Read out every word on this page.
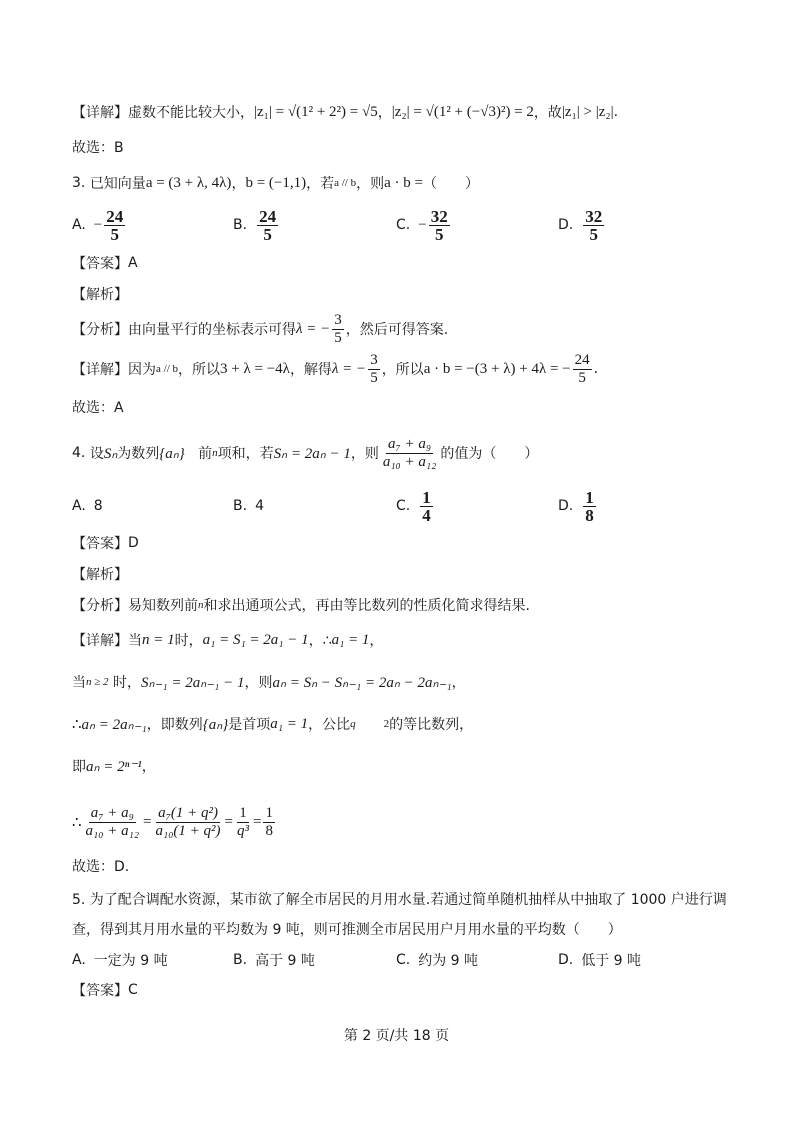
【详解】 虚数不能比较大小， |z₁| = √(1² + 2²) = √5 ， |z₂| = √(1² + (−√3)²) = 2 ，故 |z₁| > |z₂| .
故选：B
3.
已知向量 a = (3 + λ, 4λ) ， b = (−1,1) ，若 a // b ，则 a · b = （　　）
A. − $\frac{24}{5}$	B. $\frac{24}{5}$	C. − $\frac{32}{5}$	D. $\frac{32}{5}$
【答案】 A
【解析】
【分析】 由向量平行的坐标表示可得 λ = − $\frac{3}{5}$ ，然后可得答案.
【详解】 因为 a // b ，所以 3 + λ = −4λ ，解得 λ = − $\frac{3}{5}$ ，所以 a · b = −(3 + λ) + 4λ = − $\frac{24}{5}$ .
故选：A
4.
设 Sₙ 为数列 {aₙ}
前 n 项和，若 Sₙ = 2aₙ − 1 ，则 $\frac{\text{a₇ + a₉}}{\text{a₁₀ + a₁₂}}$ 的值为（　　）
A. 8	B. 4	C. $\frac{1}{4}$	D. $\frac{1}{8}$
【答案】 D
【解析】
【分析】 易知数列前 n 和求出通项公式，再由等比数列的性质化简求得结果.
【详解】 当 n = 1 时， a₁ = S₁ = 2a₁ − 1 ，∴ a₁ = 1 ，
当 n ≥ 2
时， Sₙ₋₁ = 2aₙ₋₁ − 1 ，则 aₙ = Sₙ − Sₙ₋₁ = 2aₙ − 2aₙ₋₁ ，
∴ aₙ = 2aₙ₋₁ ，即数列 {aₙ} 是首项 a₁ = 1 ，公比 q	2 的等比数列，
即 aₙ = 2ⁿ⁻¹ ，
∴ $\frac{\text{a₇ + a₉}}{\text{a₁₀ + a₁₂}} = \frac{\text{a₇(1 + q²)}}{\text{a₁₀(1 + q²)}} = \frac{1}{\text{q³}} = \frac{1}{8}$
故选：D.
5. 为了配合调配水资源，某市欲了解全市居民的月用水量.若通过简单随机抽样从中抽取了 1000 户进行调
查，得到其月用水量的平均数为 9 吨，则可推测全市居民用户月用水量的平均数（　　）
A. 一定为 9 吨	B. 高于 9 吨	C. 约为 9 吨	D. 低于 9 吨
【答案】 C
第 2 页/共 18 页
